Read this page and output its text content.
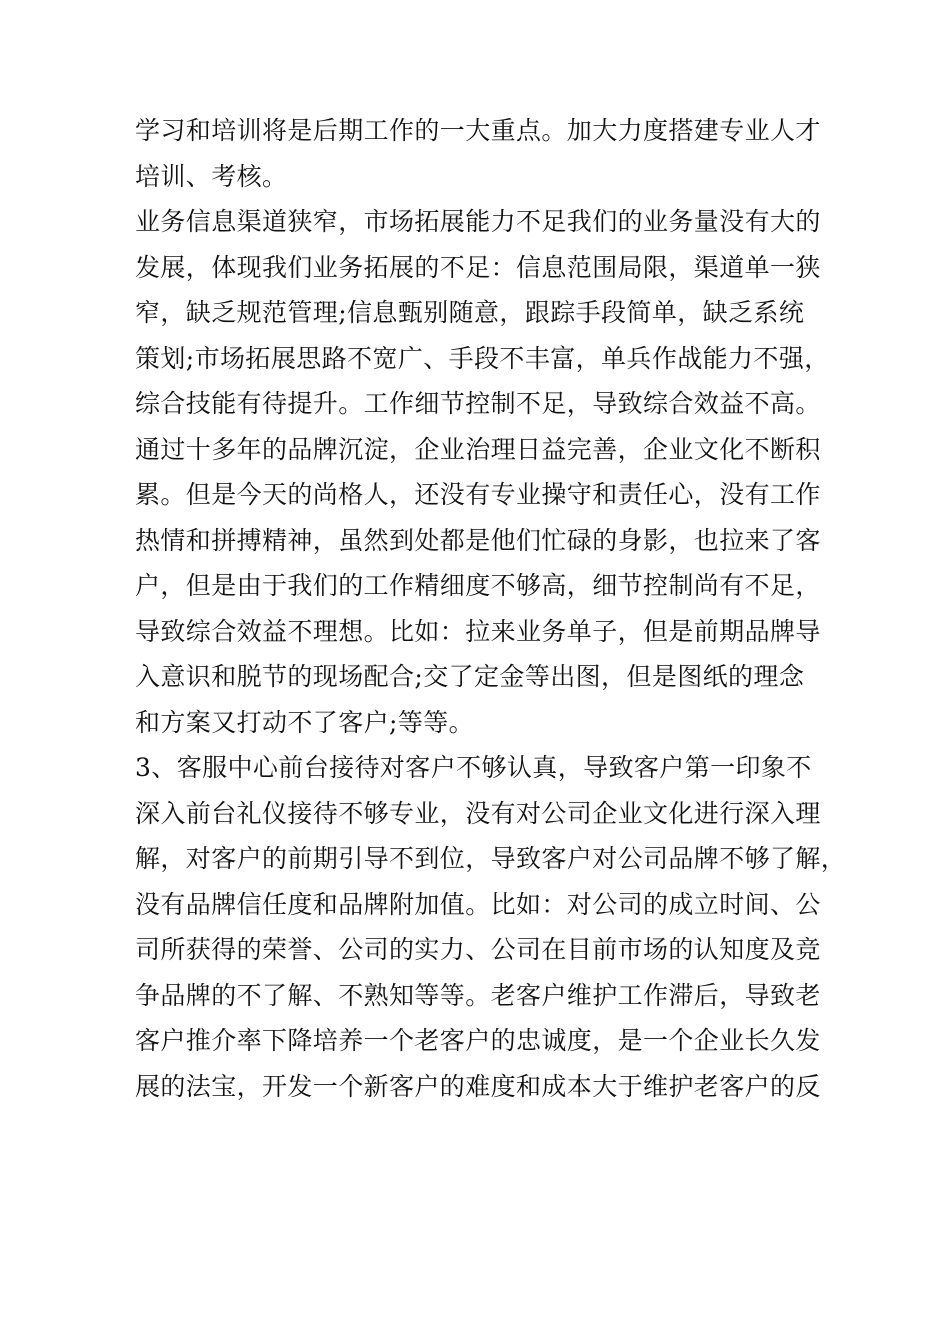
学习和培训将是后期工作的一大重点。加大力度搭建专业人才
培训、考核。
业务信息渠道狭窄，市场拓展能力不足我们的业务量没有大的
发展，体现我们业务拓展的不足：信息范围局限，渠道单一狭
窄，缺乏规范管理;信息甄别随意，跟踪手段简单，缺乏系统
策划;市场拓展思路不宽广、手段不丰富，单兵作战能力不强，
综合技能有待提升。工作细节控制不足，导致综合效益不高。
通过十多年的品牌沉淀，企业治理日益完善，企业文化不断积
累。但是今天的尚格人，还没有专业操守和责任心，没有工作
热情和拼搏精神，虽然到处都是他们忙碌的身影，也拉来了客
户，但是由于我们的工作精细度不够高，细节控制尚有不足，
导致综合效益不理想。比如：拉来业务单子，但是前期品牌导
入意识和脱节的现场配合;交了定金等出图，但是图纸的理念
和方案又打动不了客户;等等。
3、客服中心前台接待对客户不够认真，导致客户第一印象不
深入前台礼仪接待不够专业，没有对公司企业文化进行深入理
解，对客户的前期引导不到位，导致客户对公司品牌不够了解，
没有品牌信任度和品牌附加值。比如：对公司的成立时间、公
司所获得的荣誉、公司的实力、公司在目前市场的认知度及竞
争品牌的不了解、不熟知等等。老客户维护工作滞后，导致老
客户推介率下降培养一个老客户的忠诚度，是一个企业长久发
展的法宝，开发一个新客户的难度和成本大于维护老客户的反
